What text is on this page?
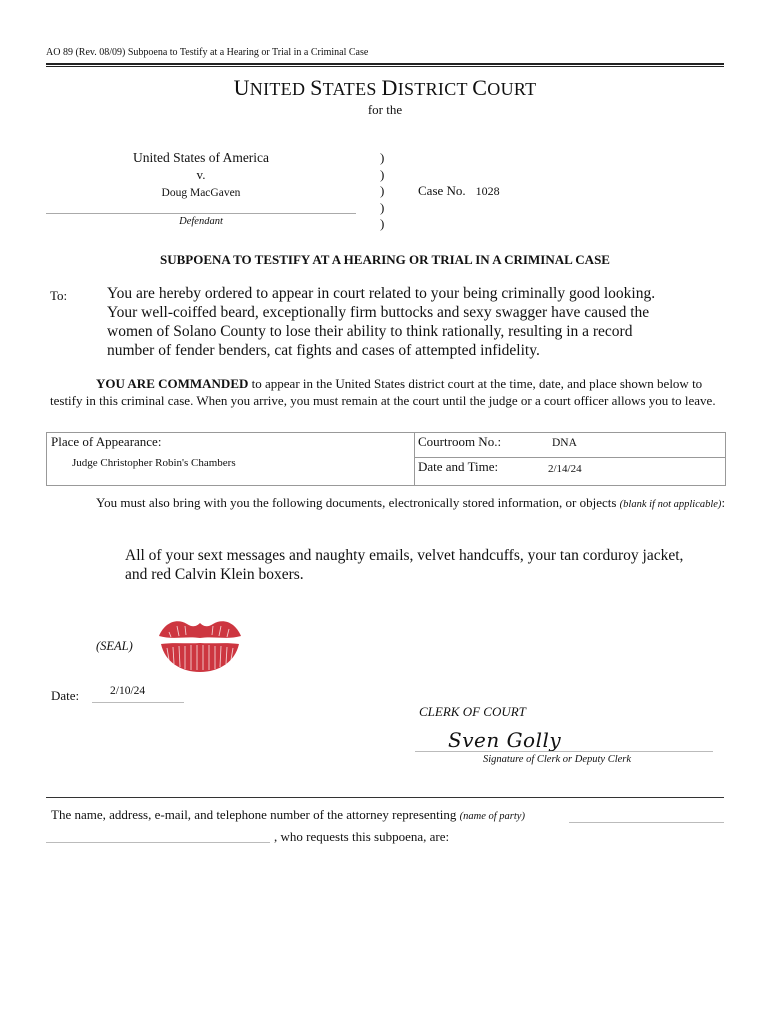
AO 89 (Rev. 08/09) Subpoena to Testify at a Hearing or Trial in a Criminal Case
UNITED STATES DISTRICT COURT
for the
United States of America
v.
Doug MacGaven
Defendant
)
)
)
)
)
Case No. 1028
SUBPOENA TO TESTIFY AT A HEARING OR TRIAL IN A CRIMINAL CASE
To:	You are hereby ordered to appear in court related to your being criminally good looking. Your well-coiffed beard, exceptionally firm buttocks and sexy swagger have caused the women of Solano County to lose their ability to think rationally, resulting in a record number of fender benders, cat fights and cases of attempted infidelity.
YOU ARE COMMANDED to appear in the United States district court at the time, date, and place shown below to testify in this criminal case. When you arrive, you must remain at the court until the judge or a court officer allows you to leave.
Place of Appearance:
Judge Christopher Robin's Chambers
Courtroom No.:	DNA
Date and Time:	2/14/24
You must also bring with you the following documents, electronically stored information, or objects (blank if not applicable):
All of your sext messages and naughty emails, velvet handcuffs, your tan corduroy jacket, and red Calvin Klein boxers.
(SEAL)
Date:	2/10/24
CLERK OF COURT
Sven Golly
Signature of Clerk or Deputy Clerk
The name, address, e-mail, and telephone number of the attorney representing (name of party)
, who requests this subpoena, are:
